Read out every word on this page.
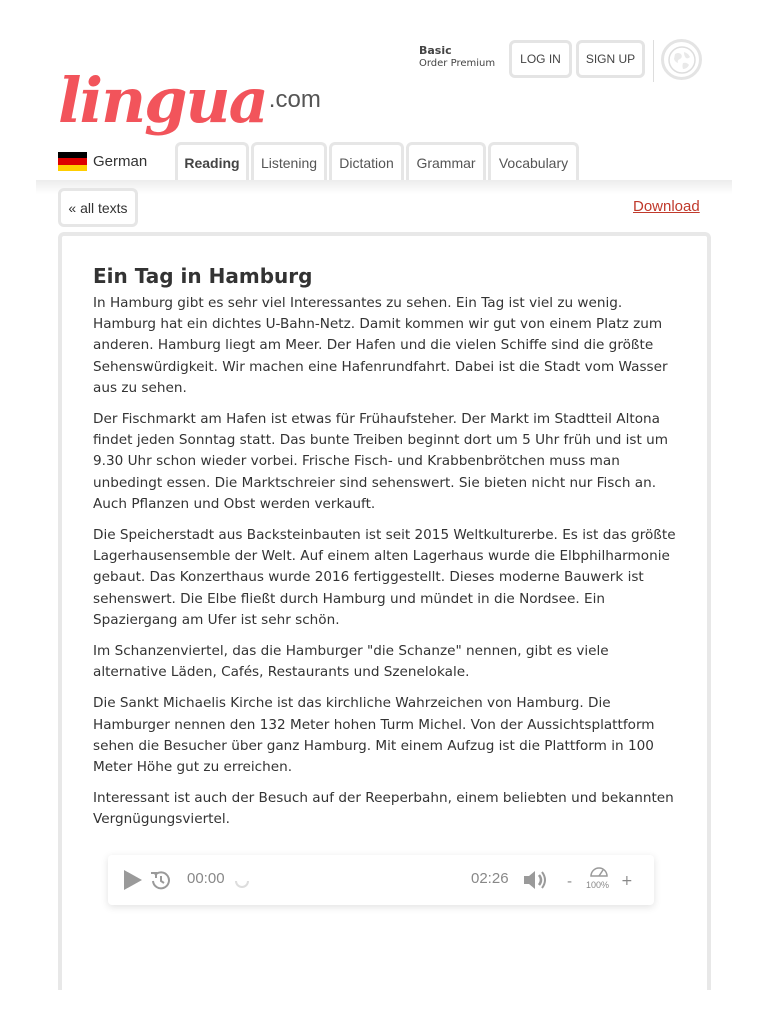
lingua .com
Basic
Order Premium	LOG IN	SIGN UP
German	Reading	Listening	Dictation	Grammar	Vocabulary
« all texts	Download
Ein Tag in Hamburg

In Hamburg gibt es sehr viel Interessantes zu sehen. Ein Tag ist viel zu wenig. Hamburg hat ein dichtes U-Bahn-Netz. Damit kommen wir gut von einem Platz zum anderen. Hamburg liegt am Meer. Der Hafen und die vielen Schiffe sind die größte Sehenswürdigkeit. Wir machen eine Hafenrundfahrt. Dabei ist die Stadt vom Wasser aus zu sehen.

Der Fischmarkt am Hafen ist etwas für Frühaufsteher. Der Markt im Stadtteil Altona findet jeden Sonntag statt. Das bunte Treiben beginnt dort um 5 Uhr früh und ist um 9.30 Uhr schon wieder vorbei. Frische Fisch- und Krabbenbrötchen muss man unbedingt essen. Die Marktschreier sind sehenswert. Sie bieten nicht nur Fisch an. Auch Pflanzen und Obst werden verkauft.

Die Speicherstadt aus Backsteinbauten ist seit 2015 Weltkulturerbe. Es ist das größte Lagerhausensemble der Welt. Auf einem alten Lagerhaus wurde die Elbphilharmonie gebaut. Das Konzerthaus wurde 2016 fertiggestellt. Dieses moderne Bauwerk ist sehenswert. Die Elbe fließt durch Hamburg und mündet in die Nordsee. Ein Spaziergang am Ufer ist sehr schön.

Im Schanzenviertel, das die Hamburger "die Schanze" nennen, gibt es viele alternative Läden, Cafés, Restaurants und Szenelokale.

Die Sankt Michaelis Kirche ist das kirchliche Wahrzeichen von Hamburg. Die Hamburger nennen den 132 Meter hohen Turm Michel. Von der Aussichtsplattform sehen die Besucher über ganz Hamburg. Mit einem Aufzug ist die Plattform in 100 Meter Höhe gut zu erreichen.

Interessant ist auch der Besuch auf der Reeperbahn, einem beliebten und bekannten Vergnügungsviertel.

00:00	02:26	- 100% +
